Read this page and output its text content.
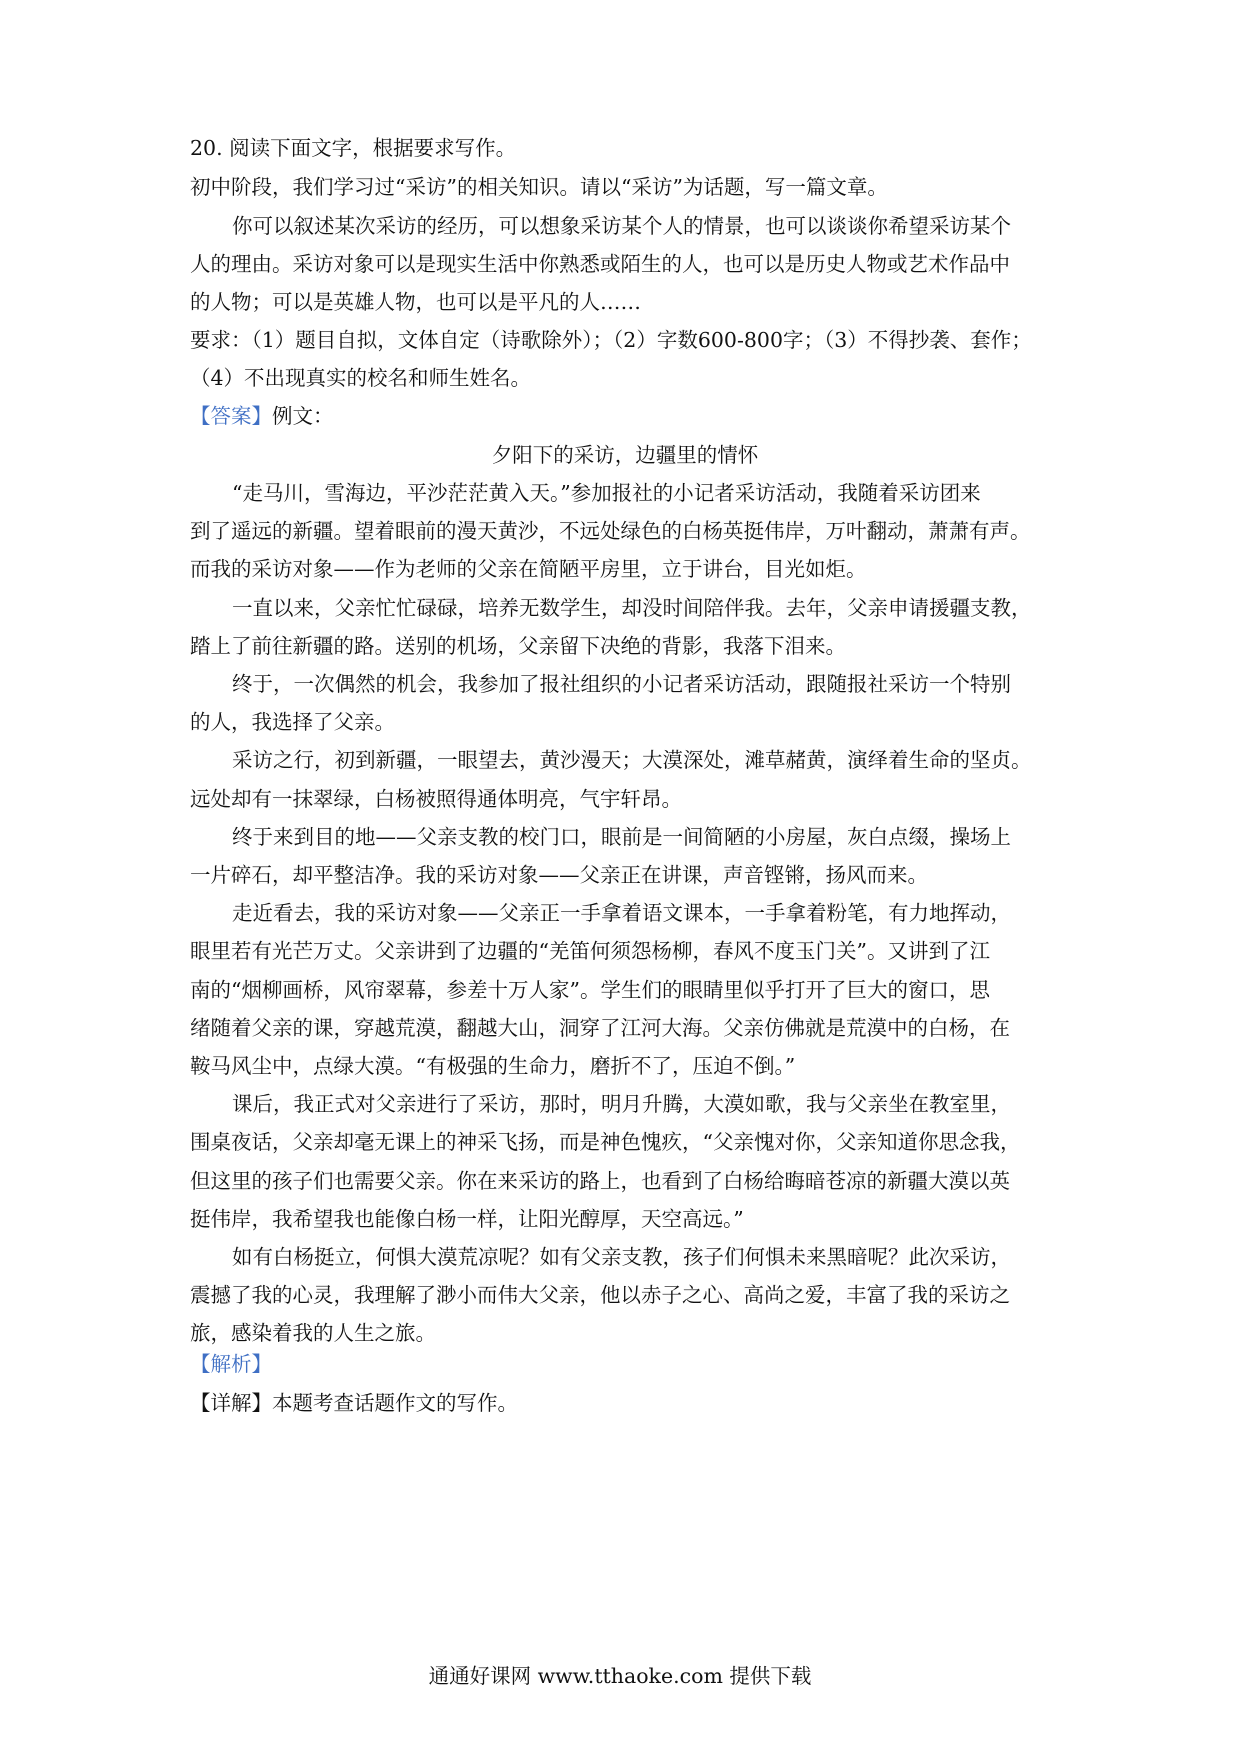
20. 阅读下面文字，根据要求写作。
初中阶段，我们学习过“采访”的相关知识。请以“采访”为话题，写一篇文章。
你可以叙述某次采访的经历，可以想象采访某个人的情景，也可以谈谈你希望采访某个
人的理由。采访对象可以是现实生活中你熟悉或陌生的人，也可以是历史人物或艺术作品中
的人物；可以是英雄人物，也可以是平凡的人……
要求：（1）题目自拟，文体自定（诗歌除外）；（2）字数600-800字；（3）不得抄袭、套作；
（4）不出现真实的校名和师生姓名。
【答案】例文：
夕阳下的采访，边疆里的情怀
“走马川，雪海边，平沙茫茫黄入天。”参加报社的小记者采访活动，我随着采访团来
到了遥远的新疆。望着眼前的漫天黄沙，不远处绿色的白杨英挺伟岸，万叶翻动，萧萧有声。
而我的采访对象——作为老师的父亲在简陋平房里，立于讲台，目光如炬。
一直以来，父亲忙忙碌碌，培养无数学生，却没时间陪伴我。去年，父亲申请援疆支教，
踏上了前往新疆的路。送别的机场，父亲留下决绝的背影，我落下泪来。
终于，一次偶然的机会，我参加了报社组织的小记者采访活动，跟随报社采访一个特别
的人，我选择了父亲。
采访之行，初到新疆，一眼望去，黄沙漫天；大漠深处，滩草赭黄，演绎着生命的坚贞。
远处却有一抹翠绿，白杨被照得通体明亮，气宇轩昂。
终于来到目的地——父亲支教的校门口，眼前是一间简陋的小房屋，灰白点缀，操场上
一片碎石，却平整洁净。我的采访对象——父亲正在讲课，声音铿锵，扬风而来。
走近看去，我的采访对象——父亲正一手拿着语文课本，一手拿着粉笔，有力地挥动，
眼里若有光芒万丈。父亲讲到了边疆的“羌笛何须怨杨柳，春风不度玉门关”。又讲到了江
南的“烟柳画桥，风帘翠幕，参差十万人家”。学生们的眼睛里似乎打开了巨大的窗口，思
绪随着父亲的课，穿越荒漠，翻越大山，洞穿了江河大海。父亲仿佛就是荒漠中的白杨，在
鞍马风尘中，点绿大漠。“有极强的生命力，磨折不了，压迫不倒。”
课后，我正式对父亲进行了采访，那时，明月升腾，大漠如歌，我与父亲坐在教室里，
围桌夜话，父亲却毫无课上的神采飞扬，而是神色愧疚，“父亲愧对你，父亲知道你思念我，
但这里的孩子们也需要父亲。你在来采访的路上，也看到了白杨给晦暗苍凉的新疆大漠以英
挺伟岸，我希望我也能像白杨一样，让阳光醇厚，天空高远。”
如有白杨挺立，何惧大漠荒凉呢？如有父亲支教，孩子们何惧未来黑暗呢？此次采访，
震撼了我的心灵，我理解了渺小而伟大父亲，他以赤子之心、高尚之爱，丰富了我的采访之
旅，感染着我的人生之旅。
【解析】
【详解】本题考查话题作文的写作。
通通好课网 www.tthaoke.com 提供下载
